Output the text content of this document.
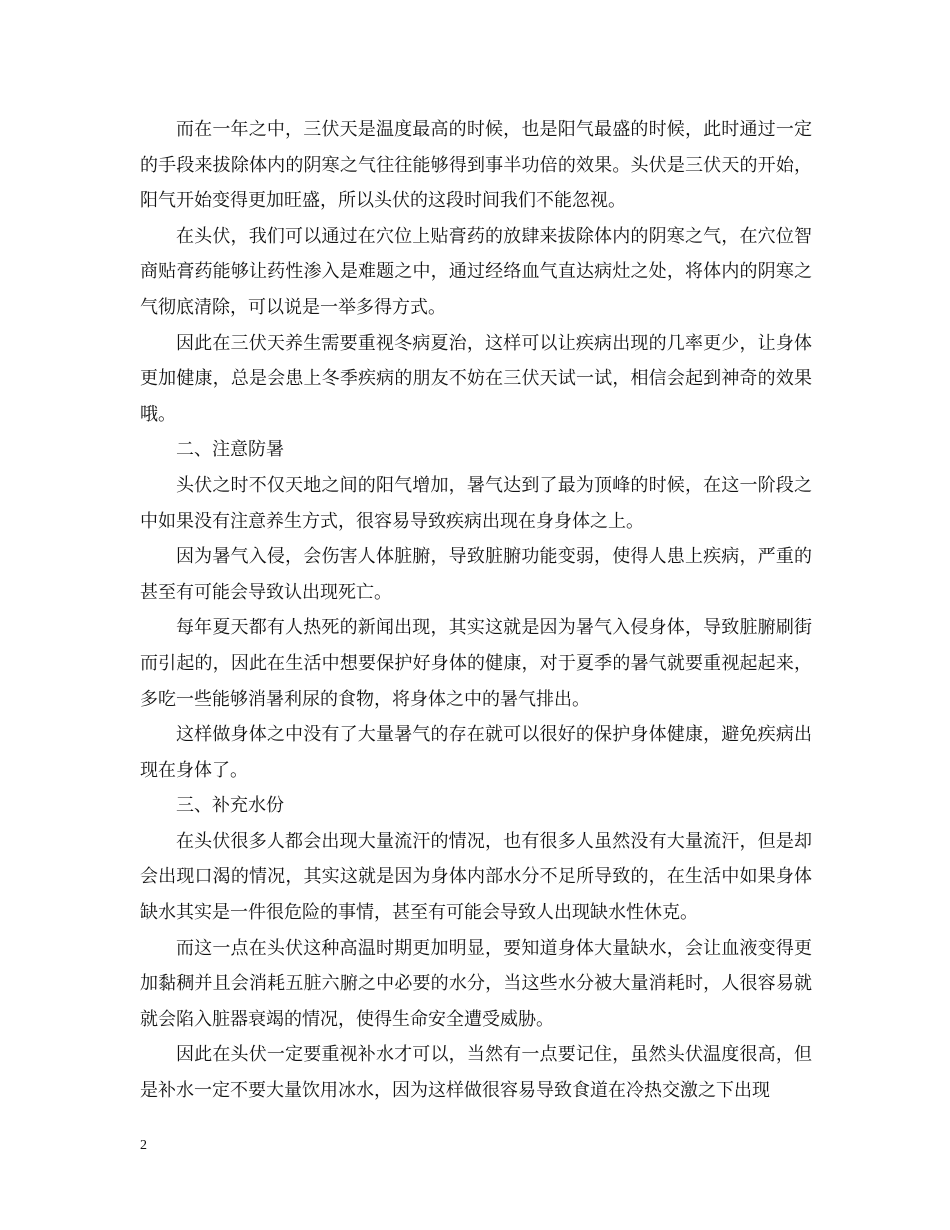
而在一年之中，三伏天是温度最高的时候，也是阳气最盛的时候，此时通过一定的手段来拔除体内的阴寒之气往往能够得到事半功倍的效果。头伏是三伏天的开始，阳气开始变得更加旺盛，所以头伏的这段时间我们不能忽视。

在头伏，我们可以通过在穴位上贴膏药的放肆来拔除体内的阴寒之气，在穴位智商贴膏药能够让药性渗入是难题之中，通过经络血气直达病灶之处，将体内的阴寒之气彻底清除，可以说是一举多得方式。

因此在三伏天养生需要重视冬病夏治，这样可以让疾病出现的几率更少，让身体更加健康，总是会患上冬季疾病的朋友不妨在三伏天试一试，相信会起到神奇的效果哦。

二、注意防暑

头伏之时不仅天地之间的阳气增加，暑气达到了最为顶峰的时候，在这一阶段之中如果没有注意养生方式，很容易导致疾病出现在身身体之上。

因为暑气入侵，会伤害人体脏腑，导致脏腑功能变弱，使得人患上疾病，严重的甚至有可能会导致认出现死亡。

每年夏天都有人热死的新闻出现，其实这就是因为暑气入侵身体，导致脏腑刷街而引起的，因此在生活中想要保护好身体的健康，对于夏季的暑气就要重视起起来，多吃一些能够消暑利尿的食物，将身体之中的暑气排出。

这样做身体之中没有了大量暑气的存在就可以很好的保护身体健康，避免疾病出现在身体了。

三、补充水份

在头伏很多人都会出现大量流汗的情况，也有很多人虽然没有大量流汗，但是却会出现口渴的情况，其实这就是因为身体内部水分不足所导致的，在生活中如果身体缺水其实是一件很危险的事情，甚至有可能会导致人出现缺水性休克。

而这一点在头伏这种高温时期更加明显，要知道身体大量缺水，会让血液变得更加黏稠并且会消耗五脏六腑之中必要的水分，当这些水分被大量消耗时，人很容易就就会陷入脏器衰竭的情况，使得生命安全遭受威胁。

因此在头伏一定要重视补水才可以，当然有一点要记住，虽然头伏温度很高，但是补水一定不要大量饮用冰水，因为这样做很容易导致食道在冷热交激之下出现

2
